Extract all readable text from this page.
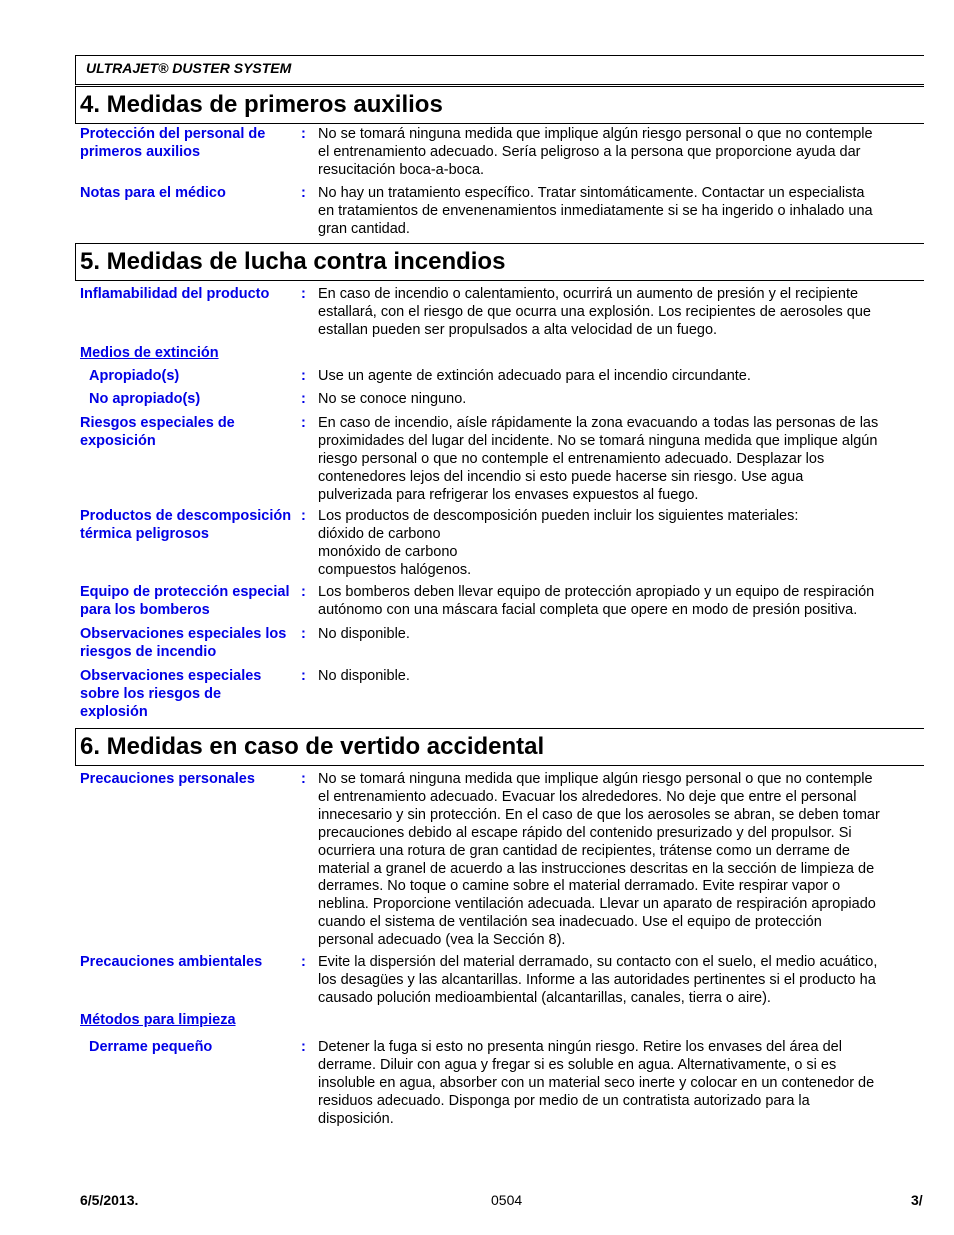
ULTRAJET® DUSTER SYSTEM
4. Medidas de primeros auxilios
Protección del personal de primeros auxilios
: No se tomará ninguna medida que implique algún riesgo personal o que no contemple
el entrenamiento adecuado. Sería peligroso a la persona que proporcione ayuda dar
resucitación boca-a-boca.
Notas para el médico	: No hay un tratamiento específico. Tratar sintomáticamente. Contactar un especialista
en tratamientos de envenenamientos inmediatamente si se ha ingerido o inhalado una
gran cantidad.
5. Medidas de lucha contra incendios
Inflamabilidad del producto	: En caso de incendio o calentamiento, ocurrirá un aumento de presión y el recipiente
estallará, con el riesgo de que ocurra una explosión. Los recipientes de aerosoles que
estallan pueden ser propulsados a alta velocidad de un fuego.
Medios de extinción
Apropiado(s)	: Use un agente de extinción adecuado para el incendio circundante.
No apropiado(s)	: No se conoce ninguno.
Riesgos especiales de exposición
: En caso de incendio, aísle rápidamente la zona evacuando a todas las personas de las
proximidades del lugar del incidente. No se tomará ninguna medida que implique algún
riesgo personal o que no contemple el entrenamiento adecuado. Desplazar los
contenedores lejos del incendio si esto puede hacerse sin riesgo. Use agua
pulverizada para refrigerar los envases expuestos al fuego.
Productos de descomposición térmica peligrosos
: Los productos de descomposición pueden incluir los siguientes materiales:
dióxido de carbono
monóxido de carbono
compuestos halógenos.
Equipo de protección especial para los bomberos
: Los bomberos deben llevar equipo de protección apropiado y un equipo de respiración
autónomo con una máscara facial completa que opere en modo de presión positiva.
Observaciones especiales los riesgos de incendio
: No disponible.
Observaciones especiales sobre los riesgos de explosión
: No disponible.
6. Medidas en caso de vertido accidental
Precauciones personales	: No se tomará ninguna medida que implique algún riesgo personal o que no contemple
el entrenamiento adecuado. Evacuar los alrededores. No deje que entre el personal
innecesario y sin protección. En el caso de que los aerosoles se abran, se deben tomar
precauciones debido al escape rápido del contenido presurizado y del propulsor. Si
ocurriera una rotura de gran cantidad de recipientes, trátense como un derrame de
material a granel de acuerdo a las instrucciones descritas en la sección de limpieza de
derrames. No toque o camine sobre el material derramado. Evite respirar vapor o
neblina. Proporcione ventilación adecuada. Llevar un aparato de respiración apropiado
cuando el sistema de ventilación sea inadecuado. Use el equipo de protección
personal adecuado (vea la Sección 8).
Precauciones ambientales	: Evite la dispersión del material derramado, su contacto con el suelo, el medio acuático,
los desagües y las alcantarillas. Informe a las autoridades pertinentes si el producto ha
causado polución medioambiental (alcantarillas, canales, tierra o aire).
Métodos para limpieza
Derrame pequeño	: Detener la fuga si esto no presenta ningún riesgo. Retire los envases del área del
derrame. Diluir con agua y fregar si es soluble en agua. Alternativamente, o si es
insoluble en agua, absorber con un material seco inerte y colocar en un contenedor de
residuos adecuado. Disponga por medio de un contratista autorizado para la
disposición.
6/5/2013.	0504	3/
